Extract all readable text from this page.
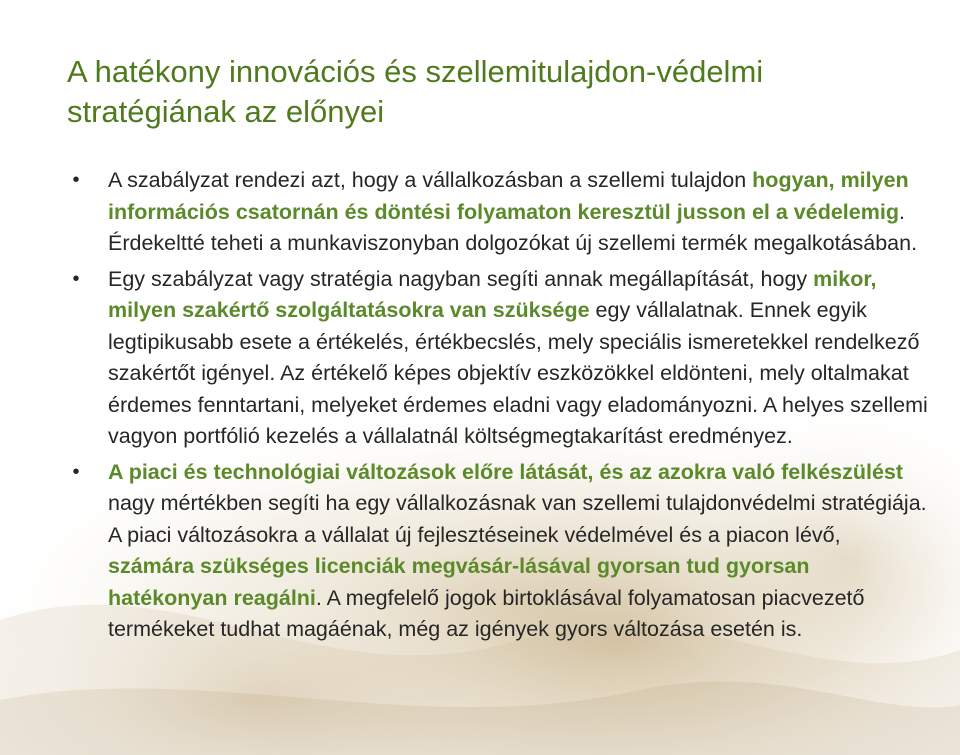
A hatékony innovációs és szellemitulajdon-védelmi stratégiának az előnyei
• A szabályzat rendezi azt, hogy a vállalkozásban a szellemi tulajdon hogyan, milyen információs csatornán és döntési folyamaton keresztül jusson el a védelemig. Érdekeltté teheti a munkaviszonyban dolgozókat új szellemi termék megalkotásában.
• Egy szabályzat vagy stratégia nagyban segíti annak megállapítását, hogy mikor, milyen szakértő szolgáltatásokra van szüksége egy vállalatnak. Ennek egyik legtipikusabb esete a értékelés, értékbecslés, mely speciális ismeretekkel rendelkező szakértőt igényel. Az értékelő képes objektív eszközökkel eldönteni, mely oltalmakat érdemes fenntartani, melyeket érdemes eladni vagy eladományozni. A helyes szellemi vagyon portfólió kezelés a vállalatnál költségmegtakarítást eredményez.
• A piaci és technológiai változások előre látását, és az azokra való felkészülést nagy mértékben segíti ha egy vállalkozásnak van szellemi tulajdonvédelmi stratégiája. A piaci változásokra a vállalat új fejlesztéseinek védelmével és a piacon lévő, számára szükséges licenciák megvásár-lásával gyorsan tud gyorsan hatékonyan reagálni. A megfelelő jogok birtoklásával folyamatosan piacvezető termékeket tudhat magáénak, még az igények gyors változása esetén is.
